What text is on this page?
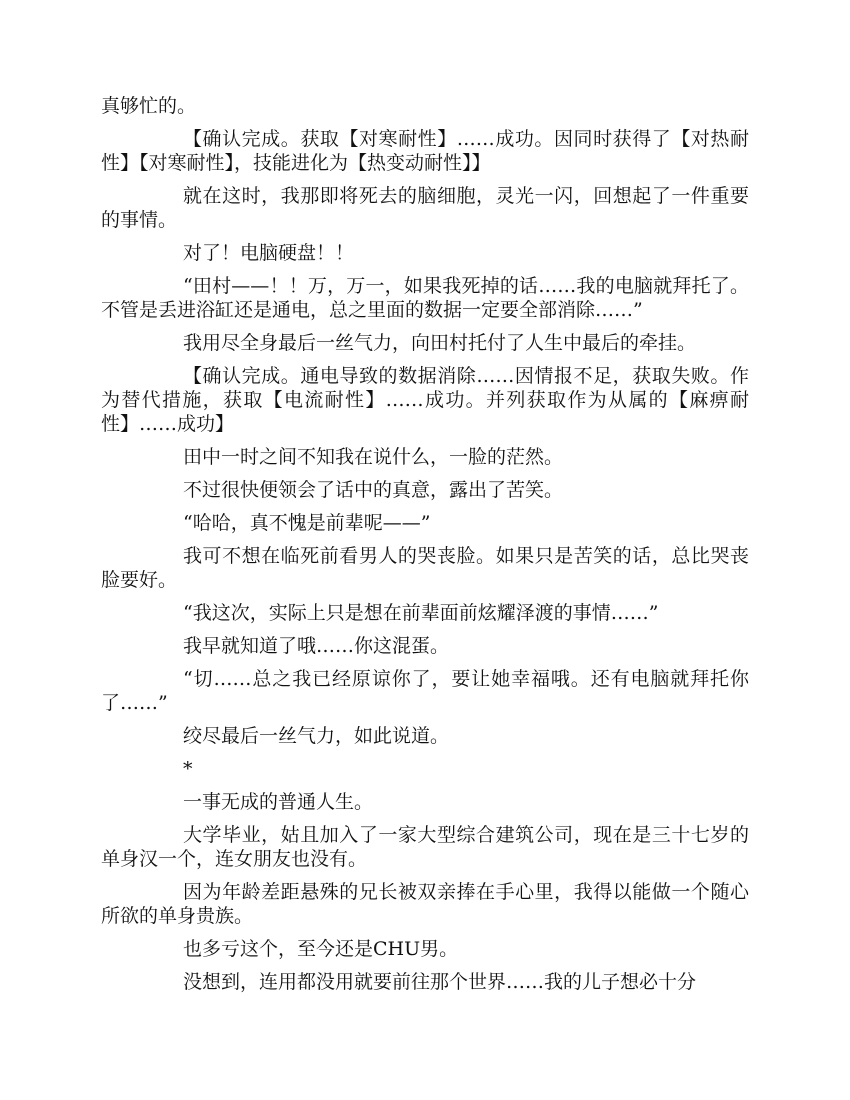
真够忙的。

【确认完成。获取【对寒耐性】……成功。因同时获得了【对热耐性】【对寒耐性】，技能进化为【热变动耐性】】

就在这时，我那即将死去的脑细胞，灵光一闪，回想起了一件重要的事情。

对了！电脑硬盘！！

“田村——！！万，万一，如果我死掉的话……我的电脑就拜托了。不管是丢进浴缸还是通电，总之里面的数据一定要全部消除……”

我用尽全身最后一丝气力，向田村托付了人生中最后的牵挂。

【确认完成。通电导致的数据消除……因情报不足，获取失败。作为替代措施，获取【电流耐性】……成功。并列获取作为从属的【麻痹耐性】……成功】

田中一时之间不知我在说什么，一脸的茫然。

不过很快便领会了话中的真意，露出了苦笑。

“哈哈，真不愧是前辈呢——”

我可不想在临死前看男人的哭丧脸。如果只是苦笑的话，总比哭丧脸要好。

“我这次，实际上只是想在前辈面前炫耀泽渡的事情……”

我早就知道了哦……你这混蛋。

“切……总之我已经原谅你了，要让她幸福哦。还有电脑就拜托你了……”

绞尽最后一丝气力，如此说道。

*

一事无成的普通人生。

大学毕业，姑且加入了一家大型综合建筑公司，现在是三十七岁的单身汉一个，连女朋友也没有。

因为年龄差距悬殊的兄长被双亲捧在手心里，我得以能做一个随心所欲的单身贵族。

也多亏这个，至今还是CHU男。

没想到，连用都没用就要前往那个世界……我的儿子想必十分
